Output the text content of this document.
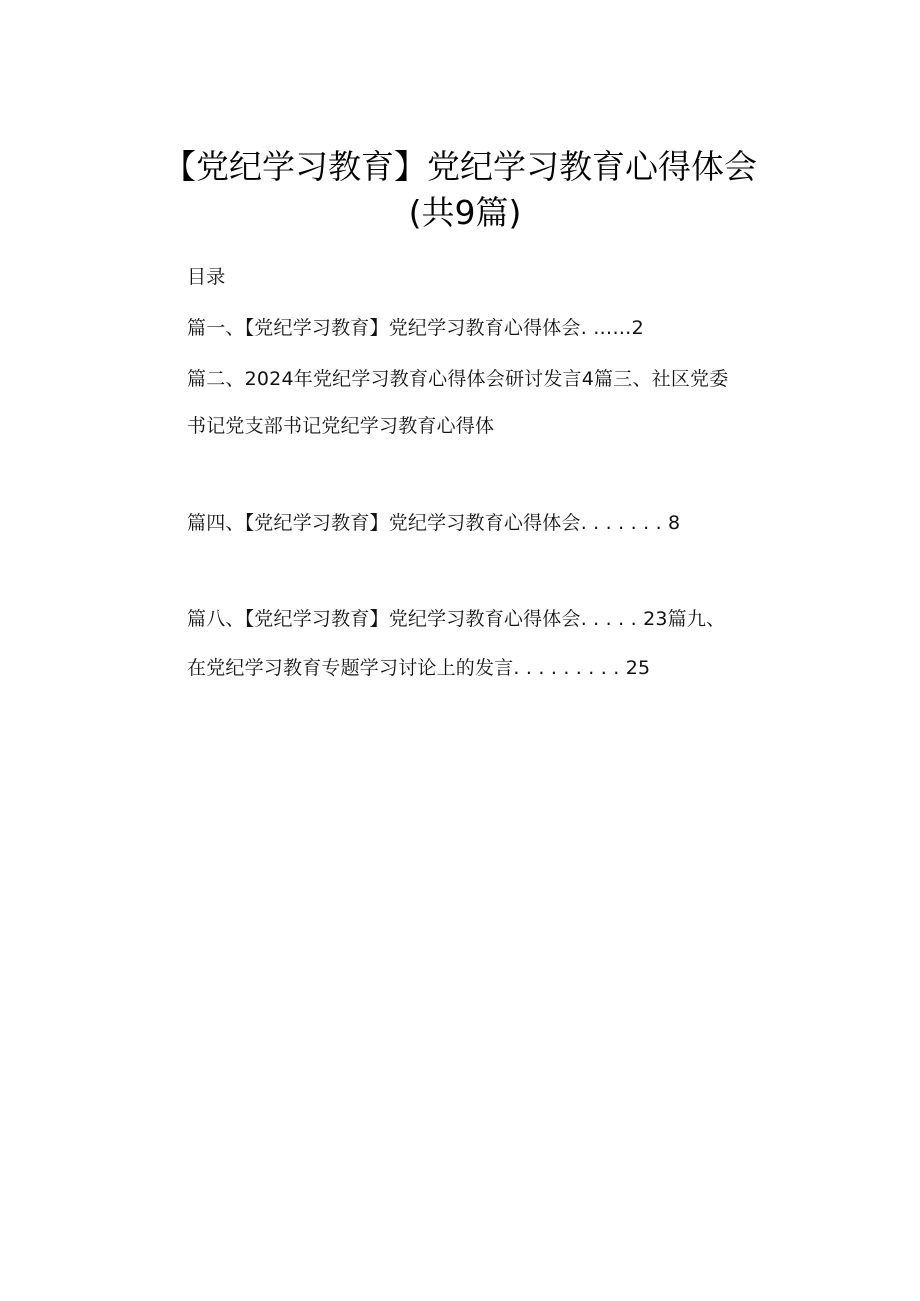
【党纪学习教育】党纪学习教育心得体会
(共9篇)
目录
篇一、【党纪学习教育】党纪学习教育心得体会. ……2
篇二、2024年党纪学习教育心得体会研讨发言4篇三、社区党委
书记党支部书记党纪学习教育心得体
篇四、【党纪学习教育】党纪学习教育心得体会. . . . . . . 8
篇八、【党纪学习教育】党纪学习教育心得体会. . . . . 23篇九、
在党纪学习教育专题学习讨论上的发言. . . . . . . . . 25
